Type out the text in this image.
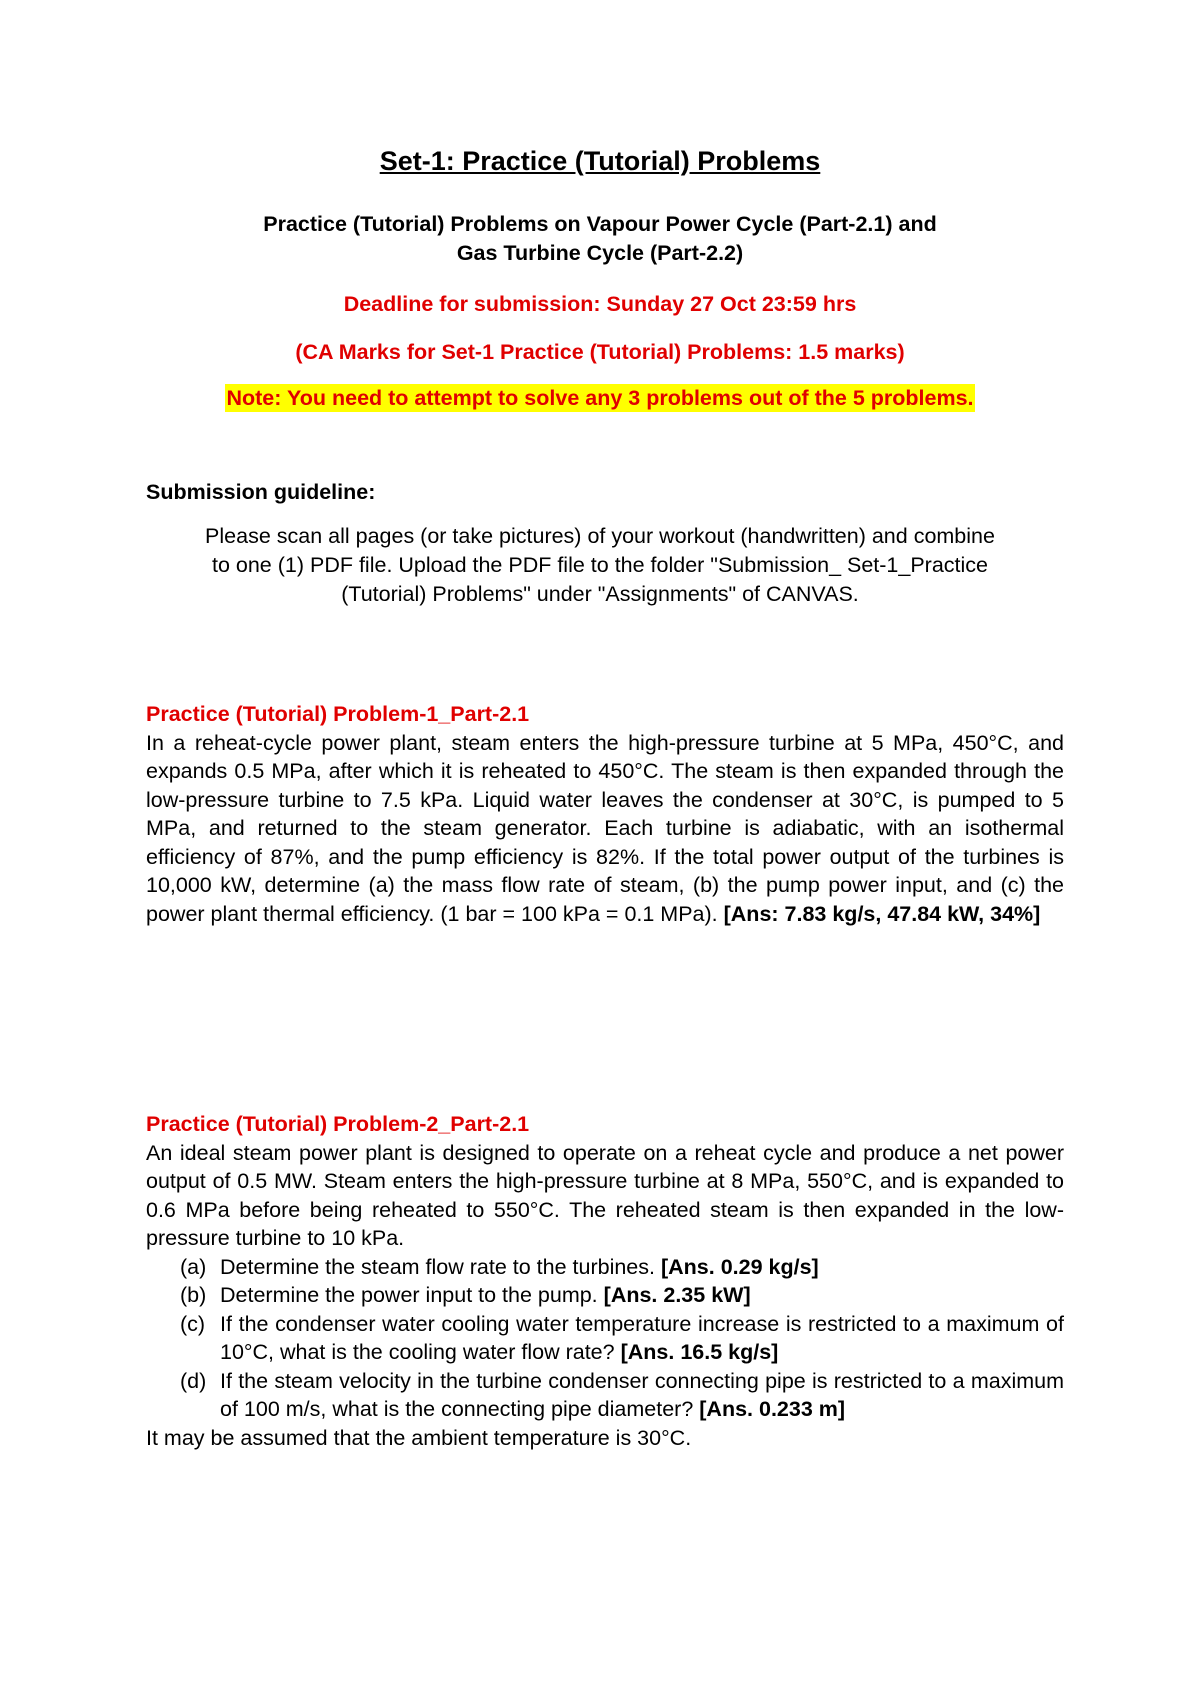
Set-1: Practice (Tutorial) Problems
Practice (Tutorial) Problems on Vapour Power Cycle (Part-2.1) and
Gas Turbine Cycle (Part-2.2)
Deadline for submission: Sunday 27 Oct 23:59 hrs
(CA Marks for Set-1 Practice (Tutorial) Problems: 1.5 marks)
Note: You need to attempt to solve any 3 problems out of the 5 problems.
Submission guideline:
Please scan all pages (or take pictures) of your workout (handwritten) and combine
to one (1) PDF file. Upload the PDF file to the folder "Submission_ Set-1_Practice
(Tutorial) Problems" under "Assignments" of CANVAS.
Practice (Tutorial) Problem-1_Part-2.1
In a reheat-cycle power plant, steam enters the high-pressure turbine at 5 MPa, 450°C, and expands 0.5 MPa, after which it is reheated to 450°C. The steam is then expanded through the low-pressure turbine to 7.5 kPa. Liquid water leaves the condenser at 30°C, is pumped to 5 MPa, and returned to the steam generator. Each turbine is adiabatic, with an isothermal efficiency of 87%, and the pump efficiency is 82%. If the total power output of the turbines is 10,000 kW, determine (a) the mass flow rate of steam, (b) the pump power input, and (c) the power plant thermal efficiency. (1 bar = 100 kPa = 0.1 MPa). [Ans: 7.83 kg/s, 47.84 kW, 34%]
Practice (Tutorial) Problem-2_Part-2.1
An ideal steam power plant is designed to operate on a reheat cycle and produce a net power output of 0.5 MW. Steam enters the high-pressure turbine at 8 MPa, 550°C, and is expanded to 0.6 MPa before being reheated to 550°C. The reheated steam is then expanded in the low-pressure turbine to 10 kPa.
(a) Determine the steam flow rate to the turbines. [Ans. 0.29 kg/s]
(b) Determine the power input to the pump. [Ans. 2.35 kW]
(c) If the condenser water cooling water temperature increase is restricted to a maximum of 10°C, what is the cooling water flow rate? [Ans. 16.5 kg/s]
(d) If the steam velocity in the turbine condenser connecting pipe is restricted to a maximum of 100 m/s, what is the connecting pipe diameter? [Ans. 0.233 m]
It may be assumed that the ambient temperature is 30°C.
